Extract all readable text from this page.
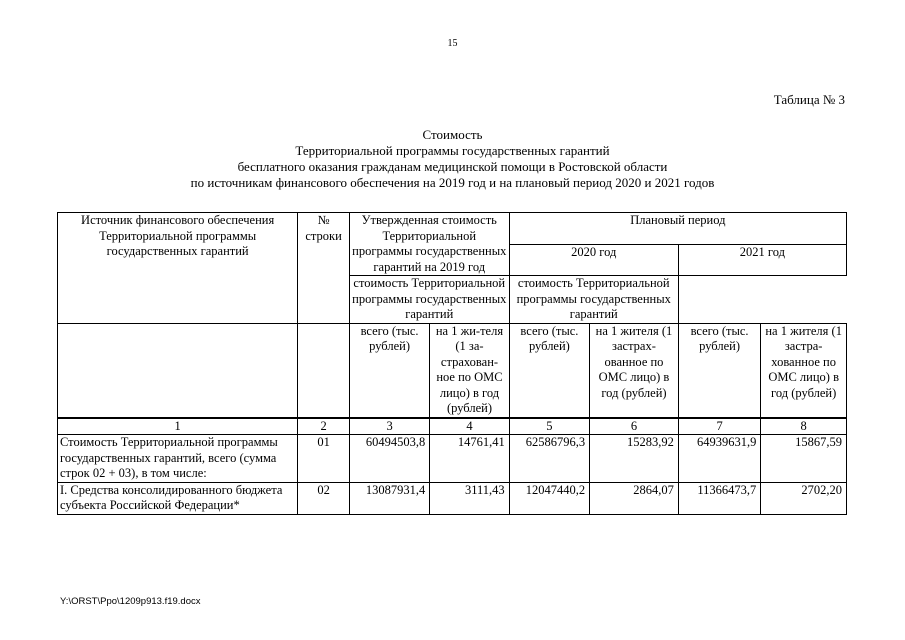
15
Таблица № 3
Стоимость
Территориальной программы государственных гарантий
бесплатного оказания гражданам медицинской помощи в Ростовской области
по источникам финансового обеспечения на 2019 год и на плановый период 2020 и 2021 годов
Источник финансового обеспечения Территориальной программы государственных гарантий	№ строки	Утвержденная стоимость Территориальной программы государственных гарантий на 2019 год		Плановый период			
				2020 год		2021 год	
		стоимость Территориальной программы государственных гарантий		стоимость Территориальной программы государственных гарантий			
		всего (тыс. рублей)	на 1 жи-теля (1 за-страхован-ное по ОМС лицо) в год (рублей)	всего (тыс. рублей)	на 1 жителя (1 застрах-ованное по ОМС лицо) в год (рублей)	всего (тыс. рублей)	на 1 жителя (1 застра-хованное по ОМС лицо) в год (рублей)
1	2	3	4	5	6	7	8
Стоимость Территориальной программы государственных гарантий, всего (сумма строк 02 + 03), в том числе:	01	60494503,8	14761,41	62586796,3	15283,92	64939631,9	15867,59
I. Средства консолидированного бюджета субъекта Российской Федерации*	02	13087931,4	3111,43	12047440,2	2864,07	11366473,7	2702,20
Y:\ORST\Ppo\1209p913.f19.docx
